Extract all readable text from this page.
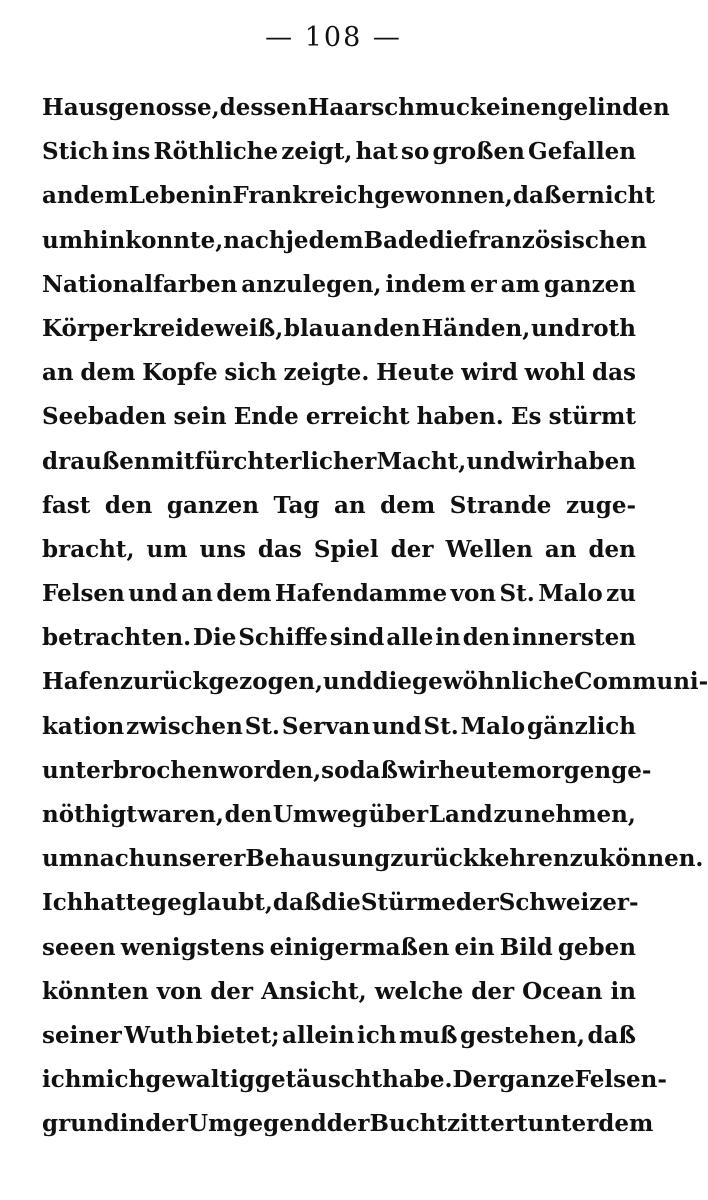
— 108 —
Hausgenosse, dessen Haarschmuck einen gelinden
Stich ins Röthliche zeigt, hat so großen Gefallen
an dem Leben in Frankreich gewonnen, daß er nicht
umhin konnte, nach jedem Bade die französischen
Nationalfarben anzulegen, indem er am ganzen
Körper kreideweiß, blau an den Händen, und roth
an dem Kopfe sich zeigte. Heute wird wohl das
Seebaden sein Ende erreicht haben. Es stürmt
draußen mit fürchterlicher Macht, und wir haben
fast den ganzen Tag an dem Strande zuge-
bracht, um uns das Spiel der Wellen an den
Felsen und an dem Hafendamme von St. Malo zu
betrachten. Die Schiffe sind alle in den innersten
Hafen zurückgezogen, und die gewöhnliche Communi-
kation zwischen St. Servan und St. Malo gänzlich
unterbrochen worden, so daß wir heute morgen ge-
nöthigt waren, den Umweg über Land zu nehmen,
um nach unserer Behausung zurückkehren zu können.
Ich hatte geglaubt, daß die Stürme der Schweizer-
seeen wenigstens einigermaßen ein Bild geben
könnten von der Ansicht, welche der Ocean in
seiner Wuth bietet; allein ich muß gestehen, daß
ich mich gewaltig getäuscht habe. Der ganze Felsen-
grund in der Umgegend der Bucht zittert unter dem
